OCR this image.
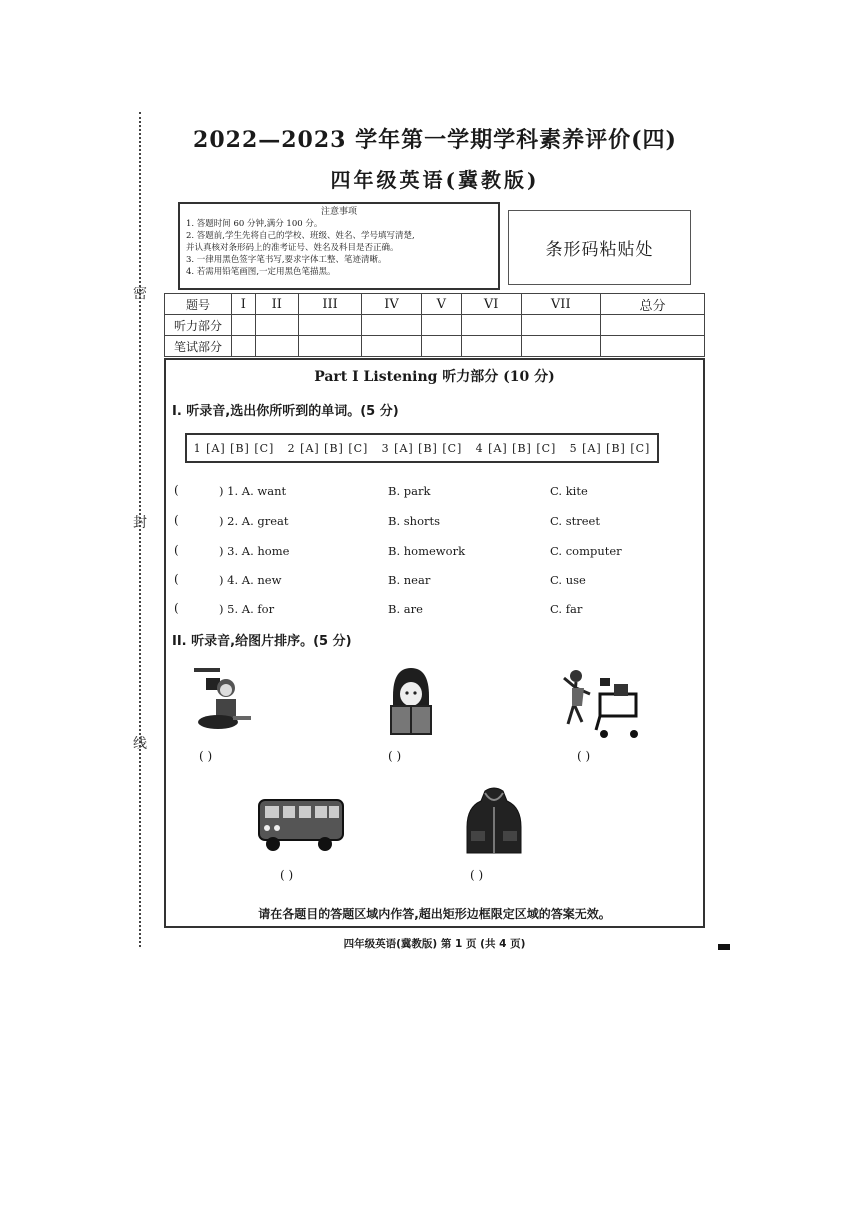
密
封
线
2022—2023 学年第一学期学科素养评价(四)
四年级英语(冀教版)
注意事项
1. 答题时间 60 分钟,满分 100 分。
2. 答题前,学生先将自己的学校、班级、姓名、学号填写清楚,
并认真核对条形码上的准考证号、姓名及科目是否正确。
3. 一律用黑色签字笔书写,要求字体工整、笔迹清晰。
4. 若需用铅笔画图,一定用黑色笔描黑。
条形码粘贴处
题号	I	II	III	IV	V	VI	VII	总分
听力部分								
笔试部分								
Part I Listening 听力部分 (10 分)
I. 听录音,选出你所听到的单词。(5 分)
1 [A] [B] [C] 2 [A] [B] [C] 3 [A] [B] [C] 4 [A] [B] [C] 5 [A] [B] [C]
(	) 1. A. want	B. park	C. kite
(	) 2. A. great	B. shorts	C. street
(	) 3. A. home	B. homework	C. computer
(	) 4. A. new	B. near	C. use
(	) 5. A. for	B. are	C. far
II. 听录音,给图片排序。(5 分)
( )	( )	( )
( )	( )
请在各题目的答题区域内作答,超出矩形边框限定区域的答案无效。
四年级英语(冀教版) 第 1 页 (共 4 页)
